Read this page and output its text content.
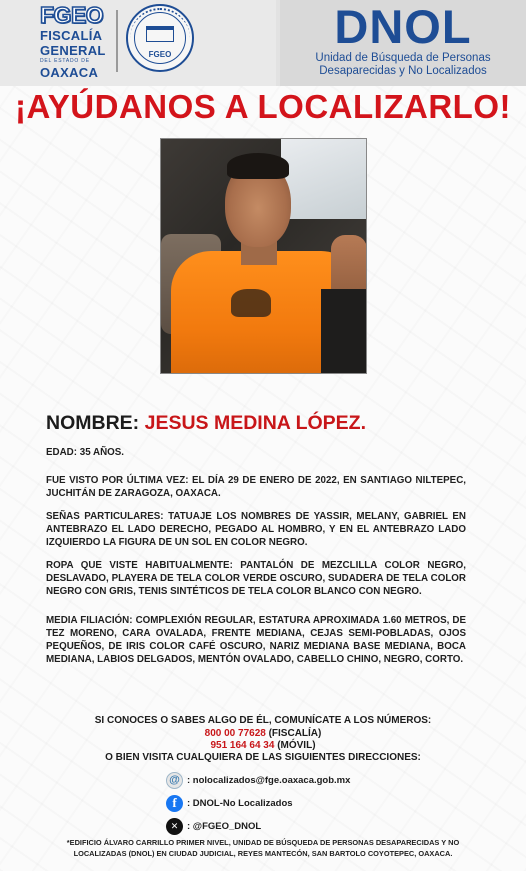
FGEO
FISCALÍA
GENERAL
DEL ESTADO DE
OAXACA
FGEO
DNOL
Unidad de Búsqueda de Personas
Desaparecidas y No Localizados
¡AYÚDANOS A LOCALIZARLO!
NOMBRE: JESUS MEDINA LÓPEZ.
EDAD: 35 AÑOS.
FUE VISTO POR ÚLTIMA VEZ: EL DÍA 29 DE ENERO DE 2022, EN SANTIAGO NILTEPEC, JUCHITÁN DE ZARAGOZA, OAXACA.
SEÑAS PARTICULARES: TATUAJE LOS NOMBRES DE YASSIR, MELANY, GABRIEL EN ANTEBRAZO EL LADO DERECHO, PEGADO AL HOMBRO, Y EN EL ANTEBRAZO LADO IZQUIERDO LA FIGURA DE UN SOL EN COLOR NEGRO.
ROPA QUE VISTE HABITUALMENTE: PANTALÓN DE MEZCLILLA COLOR NEGRO, DESLAVADO, PLAYERA DE TELA COLOR VERDE OSCURO, SUDADERA DE TELA COLOR NEGRO CON GRIS, TENIS SINTÉTICOS DE TELA COLOR BLANCO CON NEGRO.
MEDIA FILIACIÓN: COMPLEXIÓN REGULAR, ESTATURA APROXIMADA 1.60 METROS, DE TEZ MORENO, CARA OVALADA, FRENTE MEDIANA, CEJAS SEMI-POBLADAS, OJOS PEQUEÑOS, DE IRIS COLOR CAFÉ OSCURO, NARIZ MEDIANA BASE MEDIANA, BOCA MEDIANA, LABIOS DELGADOS, MENTÓN OVALADO, CABELLO CHINO, NEGRO, CORTO.
SI CONOCES O SABES ALGO DE ÉL, COMUNÍCATE A LOS NÚMEROS:
800 00 77628 (FISCALÍA)
951 164 64 34 (MÓVIL)
O BIEN VISITA CUALQUIERA DE LAS SIGUIENTES DIRECCIONES:
@ : nolocalizados@fge.oaxaca.gob.mx
f	: DNOL-No Localizados
✕ : @FGEO_DNOL
*EDIFICIO ÁLVARO CARRILLO PRIMER NIVEL, UNIDAD DE BÚSQUEDA DE PERSONAS DESAPARECIDAS Y NO LOCALIZADAS (DNOL) EN CIUDAD JUDICIAL, REYES MANTECÓN, SAN BARTOLO COYOTEPEC, OAXACA.
